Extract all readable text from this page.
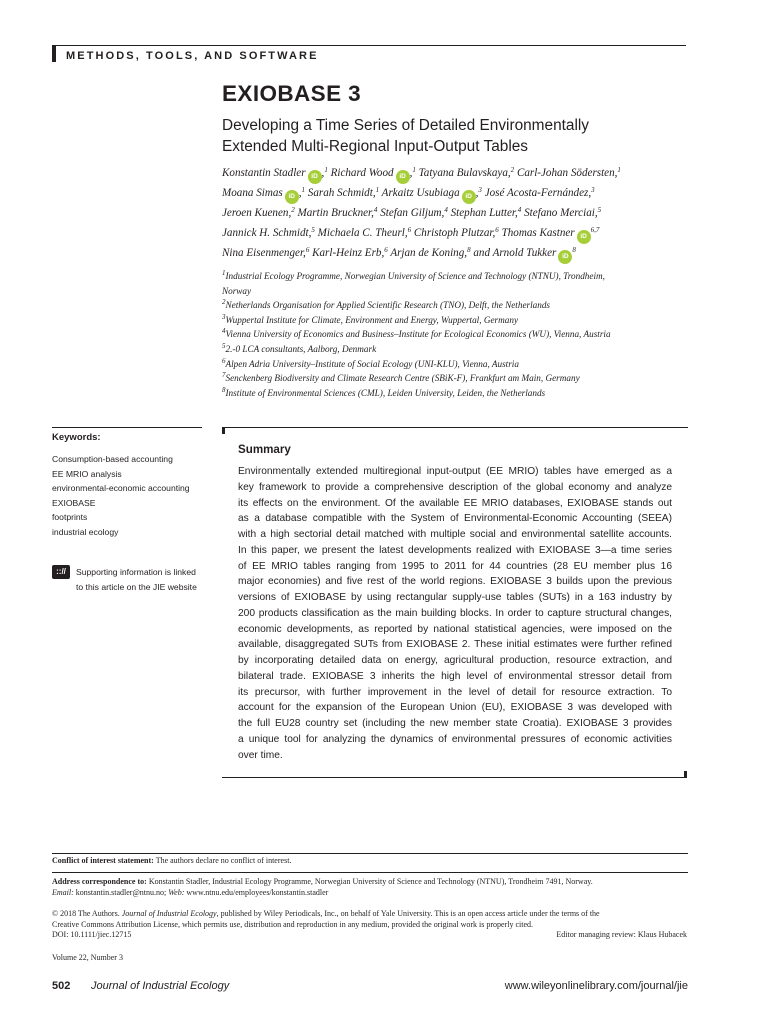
METHODS, TOOLS, AND SOFTWARE
EXIOBASE 3
Developing a Time Series of Detailed Environmentally
Extended Multi-Regional Input-Output Tables
Konstantin Stadler iD ,$^1$ Richard Wood iD ,$^1$ Tatyana Bulavskaya,$^2$ Carl-Johan Södersten,$^1$
Moana Simas iD ,$^1$ Sarah Schmidt,$^1$ Arkaitz Usubiaga iD ,$^3$ José Acosta-Fernández,$^3$
Jeroen Kuenen,$^2$ Martin Bruckner,$^4$ Stefan Giljum,$^4$ Stephan Lutter,$^4$ Stefano Merciai,$^5$
Jannick H. Schmidt,$^5$ Michaela C. Theurl,$^6$ Christoph Plutzar,$^6$ Thomas Kastner iD$^{6,7}$
Nina Eisenmenger,$^6$ Karl-Heinz Erb,$^6$ Arjan de Koning,$^8$ and Arnold Tukker $iD^8$
$^1$Industrial Ecology Programme, Norwegian University of Science and Technology (NTNU), Trondheim,
Norway
$^2$Netherlands Organisation for Applied Scientific Research (TNO), Delft, the Netherlands
$^3$Wuppertal Institute for Climate, Environment and Energy, Wuppertal, Germany
$^4$Vienna University of Economics and Business–Institute for Ecological Economics (WU), Vienna, Austria
$^5$2.-0 LCA consultants, Aalborg, Denmark
$^6$Alpen Adria University–Institute of Social Ecology (UNI-KLU), Vienna, Austria
$^7$Senckenberg Biodiversity and Climate Research Centre (SBiK-F), Frankfurt am Main, Germany
$^8$Institute of Environmental Sciences (CML), Leiden University, Leiden, the Netherlands
Keywords:
Consumption-based accounting
EE MRIO analysis
environmental-economic accounting
EXIOBASE
footprints
industrial ecology
:://	Supporting information is linked
to this article on the JIE website
Summary
Environmentally extended multiregional input-output (EE MRIO) tables have emerged as a
key framework to provide a comprehensive description of the global economy and analyze
its effects on the environment. Of the available EE MRIO databases, EXIOBASE stands out
as a database compatible with the System of Environmental-Economic Accounting (SEEA)
with a high sectorial detail matched with multiple social and environmental satellite accounts.
In this paper, we present the latest developments realized with EXIOBASE 3—a time series
of EE MRIO tables ranging from 1995 to 2011 for 44 countries (28 EU member plus 16
major economies) and five rest of the world regions. EXIOBASE 3 builds upon the previous
versions of EXIOBASE by using rectangular supply-use tables (SUTs) in a 163 industry by
200 products classification as the main building blocks. In order to capture structural changes,
economic developments, as reported by national statistical agencies, were imposed on the
available, disaggregated SUTs from EXIOBASE 2. These initial estimates were further refined
by incorporating detailed data on energy, agricultural production, resource extraction, and
bilateral trade. EXIOBASE 3 inherits the high level of environmental stressor detail from
its precursor, with further improvement in the level of detail for resource extraction. To
account for the expansion of the European Union (EU), EXIOBASE 3 was developed with
the full EU28 country set (including the new member state Croatia). EXIOBASE 3 provides
a unique tool for analyzing the dynamics of environmental pressures of economic activities
over time.
Conflict of interest statement: The authors declare no conflict of interest.
Address correspondence to: Konstantin Stadler, Industrial Ecology Programme, Norwegian University of Science and Technology (NTNU), Trondheim 7491, Norway.
Email: konstantin.stadler@ntnu.no; Web: www.ntnu.edu/employees/konstantin.stadler
© 2018 The Authors. Journal of Industrial Ecology, published by Wiley Periodicals, Inc., on behalf of Yale University. This is an open access article under the terms of the
Creative Commons Attribution License, which permits use, distribution and reproduction in any medium, provided the original work is properly cited.
DOI: 10.1111/jiec.12715	Editor managing review: Klaus Hubacek
Volume 22, Number 3
502 Journal of Industrial Ecology	www.wileyonlinelibrary.com/journal/jie
